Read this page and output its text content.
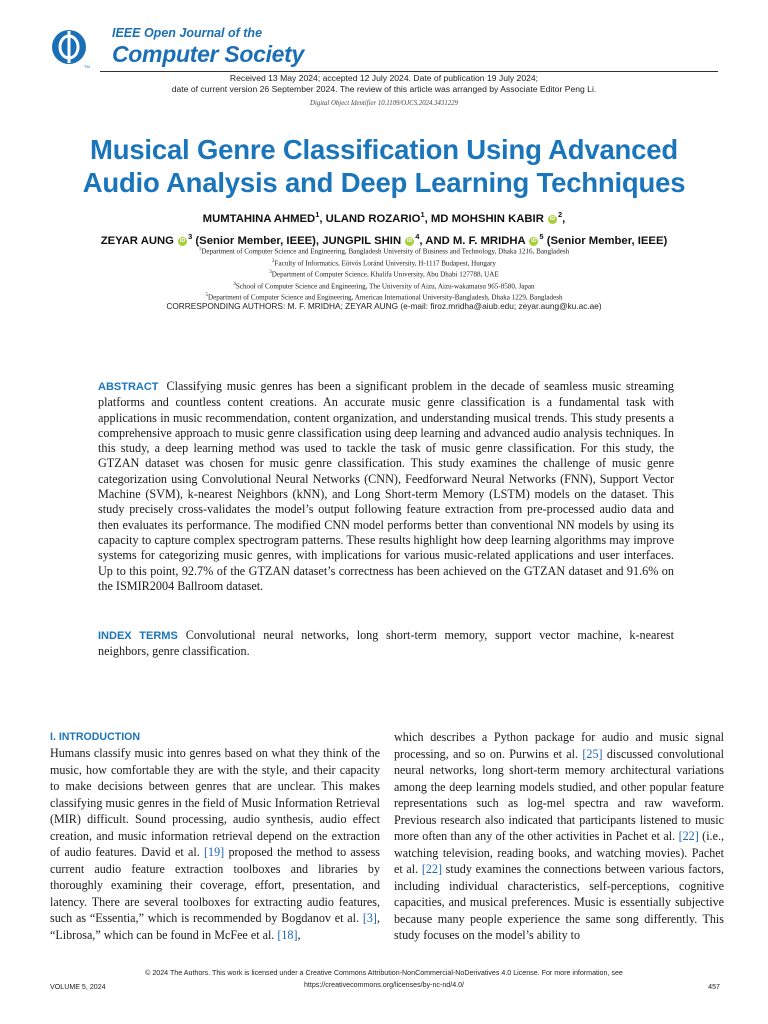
TM
IEEE Open Journal of the
Computer Society
Received 13 May 2024; accepted 12 July 2024. Date of publication 19 July 2024;
date of current version 26 September 2024. The review of this article was arranged by Associate Editor Peng Li.
Digital Object Identifier 10.1109/OJCS.2024.3431229
Musical Genre Classification Using Advanced
Audio Analysis and Deep Learning Techniques
MUMTAHINA AHMED$^1$, ULAND ROZARIO$^1$, MD MOHSHIN KABIR iD $^2$,
ZEYAR AUNG iD $^3$ (Senior Member, IEEE), JUNGPIL SHIN iD $^4$, AND M. F. MRIDHA iD $^5$ (Senior Member, IEEE)
$^1$Department of Computer Science and Engineering, Bangladesh University of Business and Technology, Dhaka 1216, Bangladesh
$^2$Faculty of Informatics, Eötvös Loránd University, H-1117 Budapest, Hungary
$^3$Department of Computer Science, Khalifa University, Abu Dhabi 127788, UAE
$^4$School of Computer Science and Engineering, The University of Aizu, Aizu-wakamatsu 965-8580, Japan
$^5$Department of Computer Science and Engineering, American International University-Bangladesh, Dhaka 1229, Bangladesh
CORRESPONDING AUTHORS: M. F. MRIDHA; ZEYAR AUNG (e-mail: firoz.mridha@aiub.edu; zeyar.aung@ku.ac.ae)
ABSTRACT Classifying music genres has been a significant problem in the decade of seamless music streaming platforms and countless content creations. An accurate music genre classification is a fundamental task with applications in music recommendation, content organization, and understanding musical trends. This study presents a comprehensive approach to music genre classification using deep learning and advanced audio analysis techniques. In this study, a deep learning method was used to tackle the task of music genre classification. For this study, the GTZAN dataset was chosen for music genre classification. This study examines the challenge of music genre categorization using Convolutional Neural Networks (CNN), Feedforward Neural Networks (FNN), Support Vector Machine (SVM), k-nearest Neighbors (kNN), and Long Short-term Memory (LSTM) models on the dataset. This study precisely cross-validates the model’s output following feature extraction from pre-processed audio data and then evaluates its performance. The modified CNN model performs better than conventional NN models by using its capacity to capture complex spectrogram patterns. These results highlight how deep learning algorithms may improve systems for categorizing music genres, with implications for various music-related applications and user interfaces. Up to this point, 92.7% of the GTZAN dataset’s correctness has been achieved on the GTZAN dataset and 91.6% on the ISMIR2004 Ballroom dataset.
INDEX TERMS Convolutional neural networks, long short-term memory, support vector machine, k-nearest neighbors, genre classification.
I. INTRODUCTION
Humans classify music into genres based on what they think of the music, how comfortable they are with the style, and their capacity to make decisions between genres that are unclear. This makes classifying music genres in the field of Music Information Retrieval (MIR) difficult. Sound processing, audio synthesis, audio effect creation, and music information retrieval depend on the extraction of audio features. David et al. [19] proposed the method to assess current audio feature extraction toolboxes and libraries by thoroughly examining their coverage, effort, presentation, and latency. There are several toolboxes for extracting audio features, such as “Essentia,” which is recommended by Bogdanov et al. [3], “Librosa,” which can be found in McFee et al. [18],
which describes a Python package for audio and music signal processing, and so on. Purwins et al. [25] discussed convolutional neural networks, long short-term memory architectural variations among the deep learning models studied, and other popular feature representations such as log-mel spectra and raw waveform. Previous research also indicated that participants listened to music more often than any of the other activities in Pachet et al. [22] (i.e., watching television, reading books, and watching movies). Pachet et al. [22] study examines the connections between various factors, including individual characteristics, self-perceptions, cognitive capacities, and musical preferences. Music is essentially subjective because many people experience the same song differently. This study focuses on the model’s ability to
© 2024 The Authors. This work is licensed under a Creative Commons Attribution-NonCommercial-NoDerivatives 4.0 License. For more information, see
https://creativecommons.org/licenses/by-nc-nd/4.0/
VOLUME 5, 2024	457
